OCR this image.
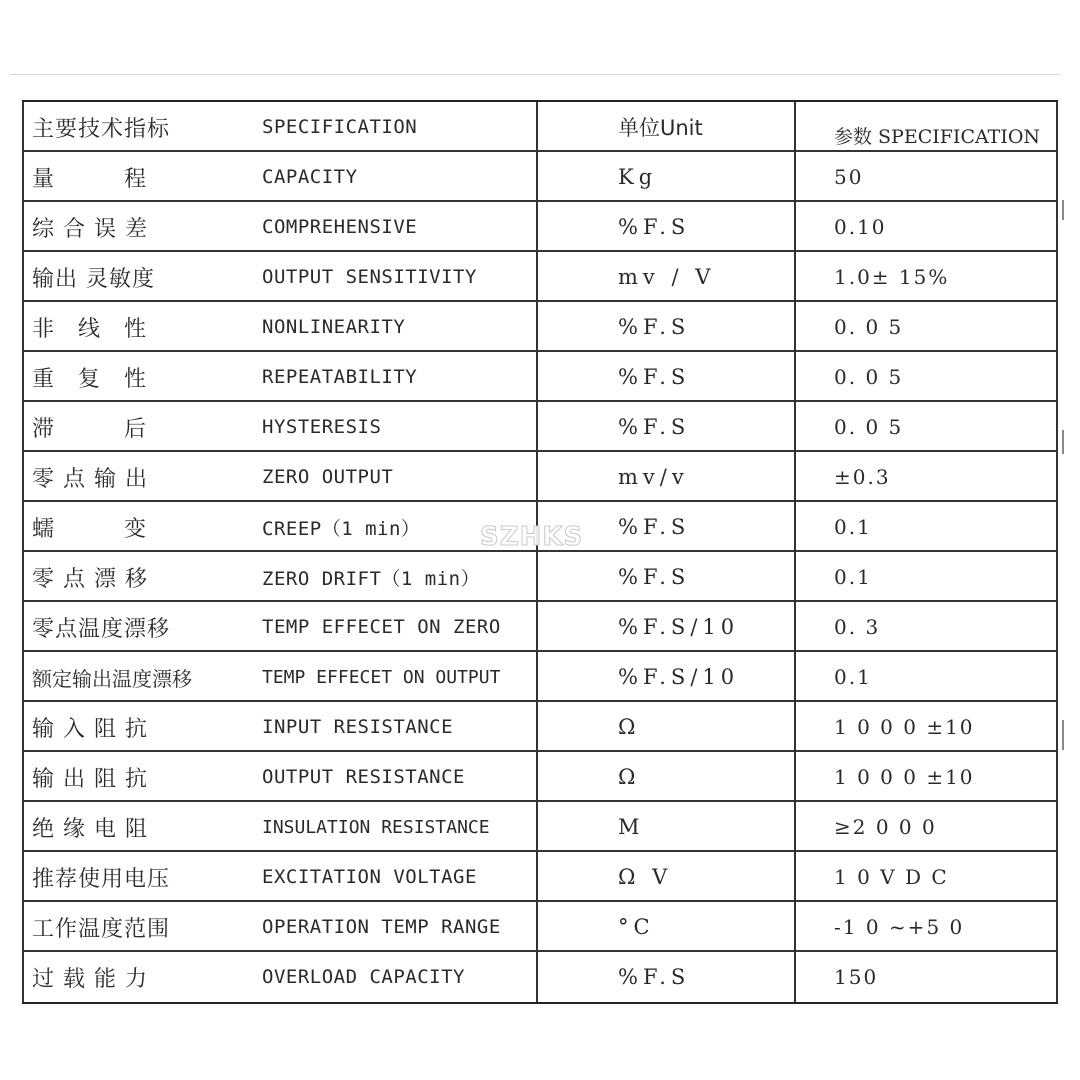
主要技术指标	SPECIFICATION	单位Unit	参数 SPECIFICATION
量　　　程	CAPACITY	Kg	50
综 合 误 差	COMPREHENSIVE	%F.S	0.10
输出 灵敏度	OUTPUT SENSITIVITY	mv / V	1.0± 15%
非　线　性	NONLINEARITY	%F.S	0. 0 5
重　复　性	REPEATABILITY	%F.S	0. 0 5
滞　　　后	HYSTERESIS	%F.S	0. 0 5
零 点 输 出	ZERO OUTPUT	mv/v	±0.3
蠕　　　变	CREEP（1 min）	%F.S	0.1
零 点 漂 移	ZERO DRIFT（1 min）	%F.S	0.1
零点温度漂移	TEMP EFFECET ON ZERO	%F.S/10	0. 3
额定输出温度漂移	TEMP EFFECET ON OUTPUT	%F.S/10	0.1
输 入 阻 抗	INPUT RESISTANCE	Ω	1 0 0 0 ±10
输 出 阻 抗	OUTPUT RESISTANCE	Ω	1 0 0 0 ±10
绝 缘 电 阻	INSULATION RESISTANCE	M	≥2 0 0 0
推荐使用电压	EXCITATION VOLTAGE	Ω V	1 0 V D C
工作温度范围	OPERATION TEMP RANGE	°C	-1 0 ~+5 0
过 载 能 力	OVERLOAD CAPACITY	%F.S	150
SZHKS
